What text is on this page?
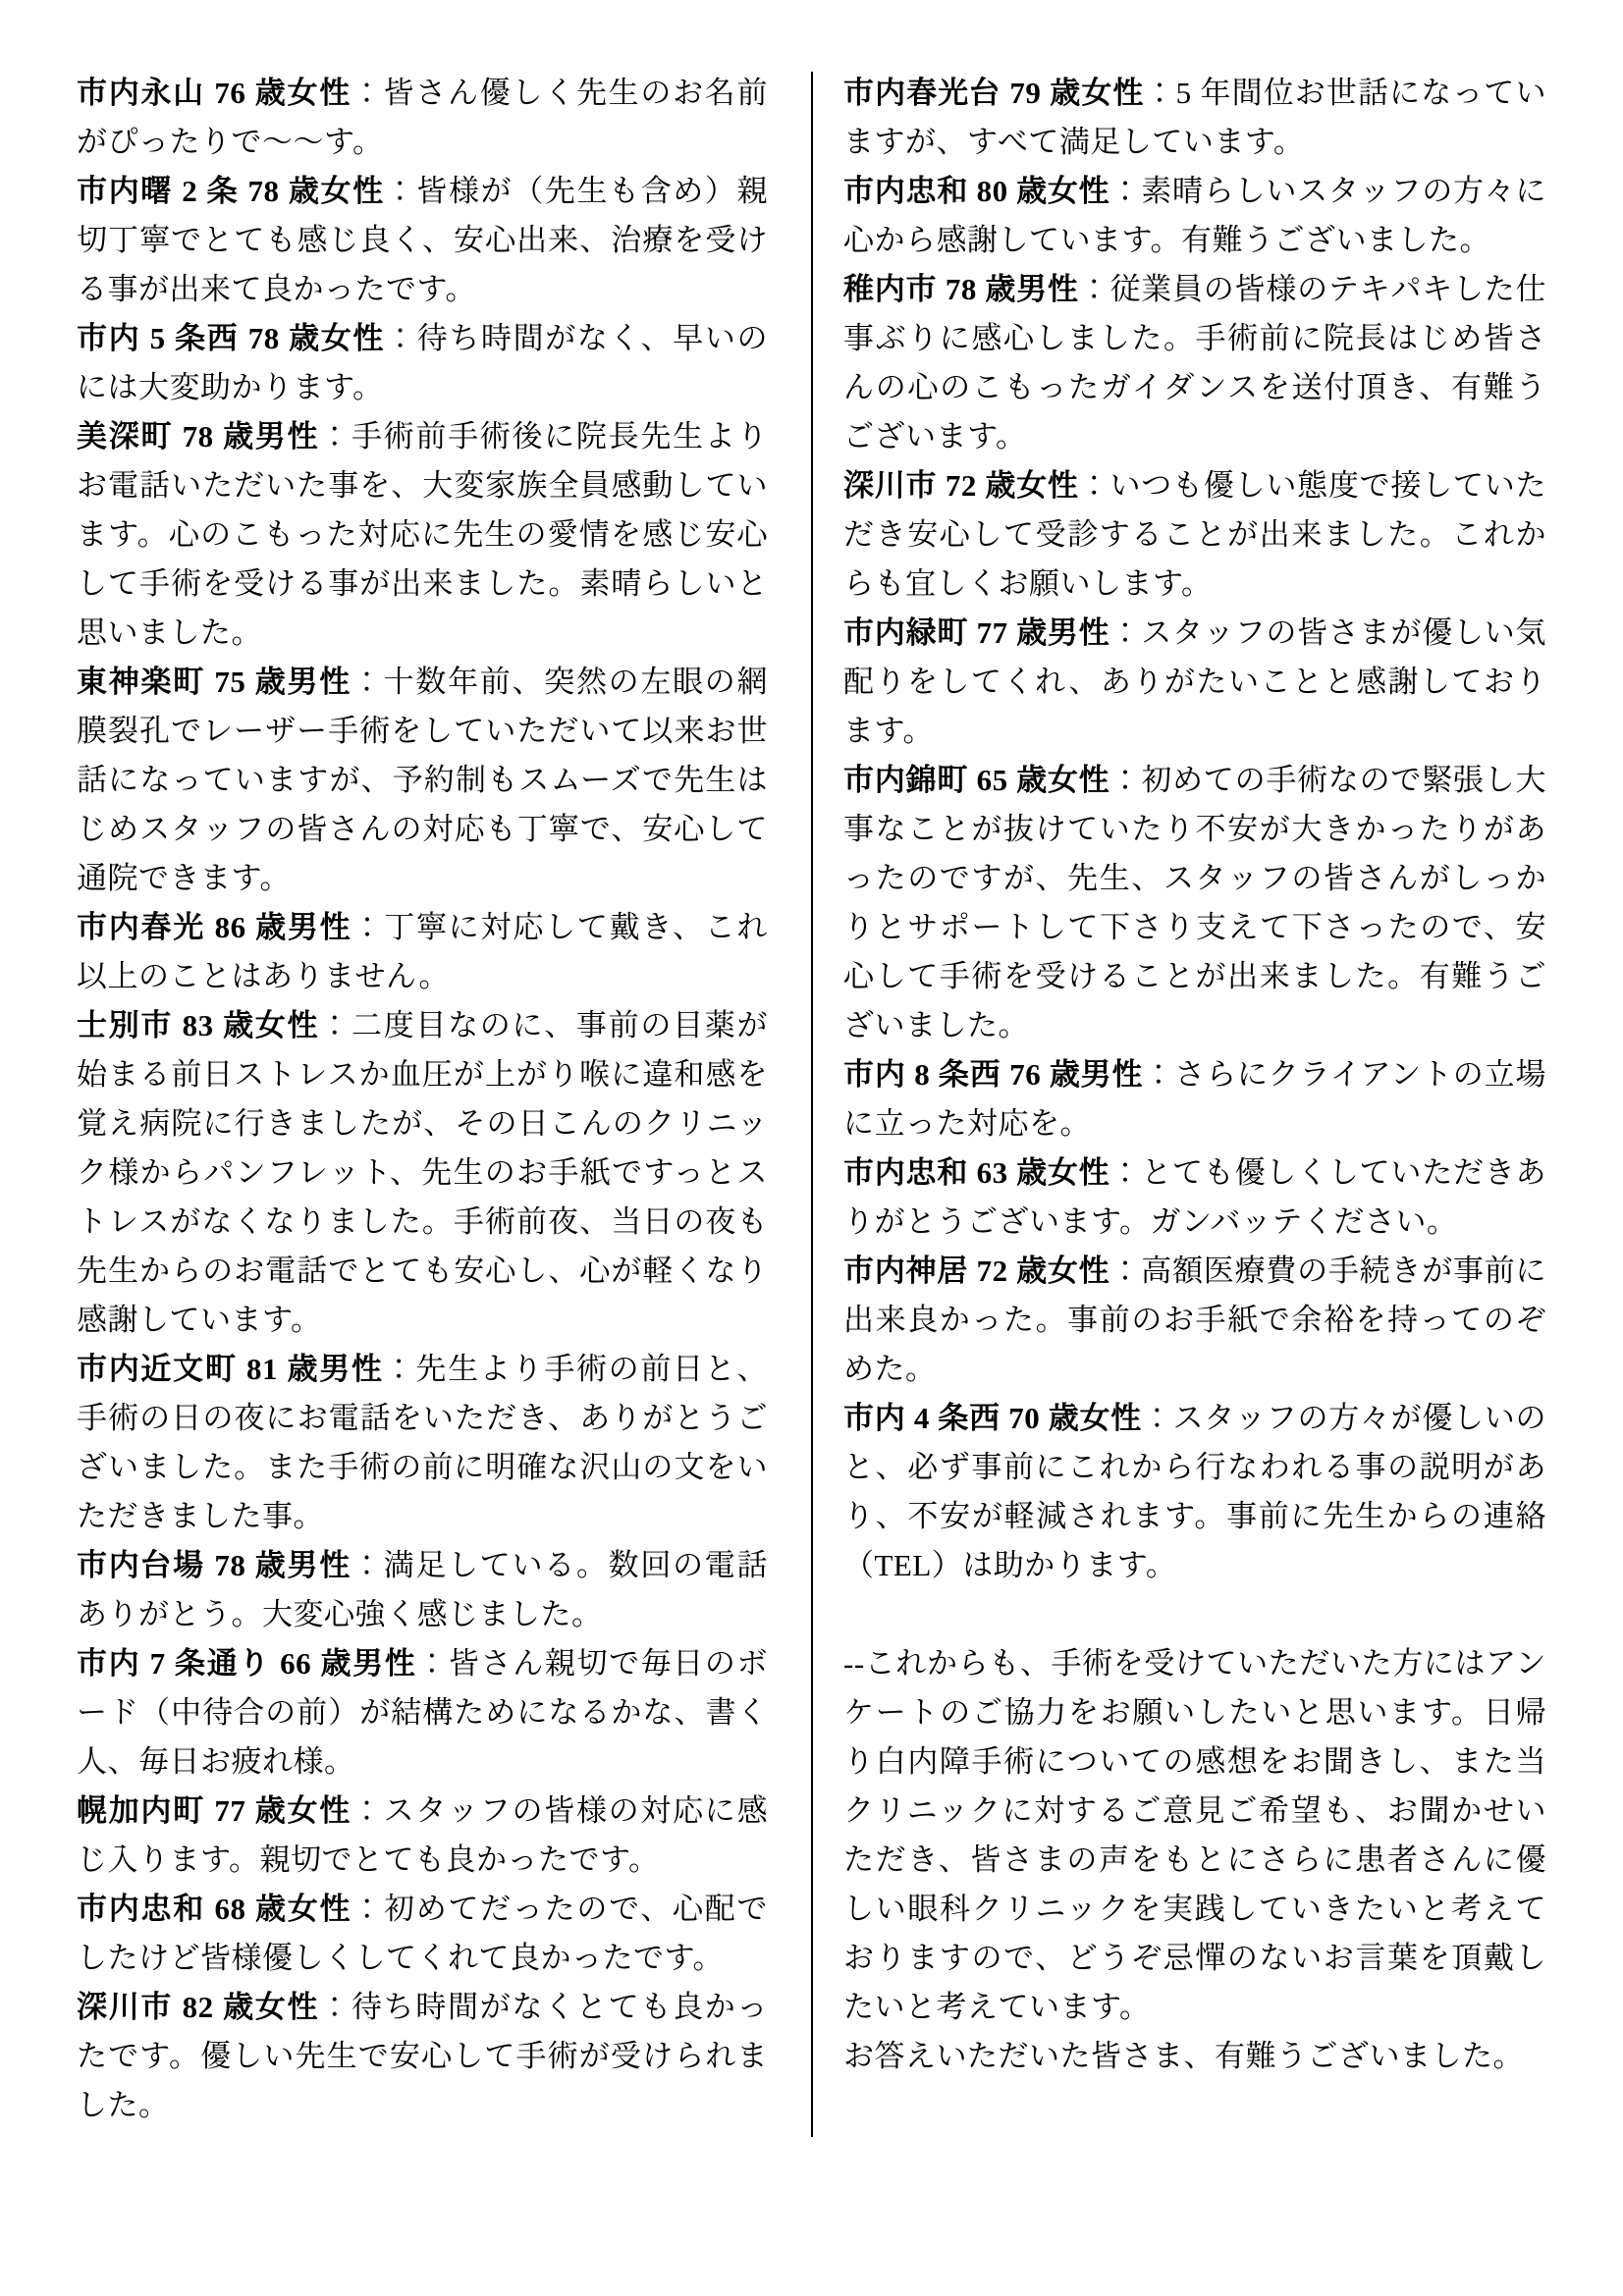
市内永山 76 歳女性：皆さん優しく先生のお名前がぴったりで～～す。

市内曙 2 条 78 歳女性：皆様が（先生も含め）親切丁寧でとても感じ良く、安心出来、治療を受ける事が出来て良かったです。

市内 5 条西 78 歳女性：待ち時間がなく、早いのには大変助かります。

美深町 78 歳男性：手術前手術後に院長先生よりお電話いただいた事を、大変家族全員感動しています。心のこもった対応に先生の愛情を感じ安心して手術を受ける事が出来ました。素晴らしいと思いました。

東神楽町 75 歳男性：十数年前、突然の左眼の網膜裂孔でレーザー手術をしていただいて以来お世話になっていますが、予約制もスムーズで先生はじめスタッフの皆さんの対応も丁寧で、安心して通院できます。

市内春光 86 歳男性：丁寧に対応して戴き、これ以上のことはありません。

士別市 83 歳女性：二度目なのに、事前の目薬が始まる前日ストレスか血圧が上がり喉に違和感を覚え病院に行きましたが、その日こんのクリニック様からパンフレット、先生のお手紙ですっとストレスがなくなりました。手術前夜、当日の夜も先生からのお電話でとても安心し、心が軽くなり感謝しています。

市内近文町 81 歳男性：先生より手術の前日と、手術の日の夜にお電話をいただき、ありがとうございました。また手術の前に明確な沢山の文をいただきました事。

市内台場 78 歳男性：満足している。数回の電話ありがとう。大変心強く感じました。

市内 7 条通り 66 歳男性：皆さん親切で毎日のボード（中待合の前）が結構ためになるかな、書く人、毎日お疲れ様。

幌加内町 77 歳女性：スタッフの皆様の対応に感じ入ります。親切でとても良かったです。

市内忠和 68 歳女性：初めてだったので、心配でしたけど皆様優しくしてくれて良かったです。

深川市 82 歳女性：待ち時間がなくとても良かったです。優しい先生で安心して手術が受けられました。

市内春光台 79 歳女性：5 年間位お世話になっていますが、すべて満足しています。

市内忠和 80 歳女性：素晴らしいスタッフの方々に心から感謝しています。有難うございました。

稚内市 78 歳男性：従業員の皆様のテキパキした仕事ぶりに感心しました。手術前に院長はじめ皆さんの心のこもったガイダンスを送付頂き、有難うございます。

深川市 72 歳女性：いつも優しい態度で接していただき安心して受診することが出来ました。これからも宜しくお願いします。

市内緑町 77 歳男性：スタッフの皆さまが優しい気配りをしてくれ、ありがたいことと感謝しております。

市内錦町 65 歳女性：初めての手術なので緊張し大事なことが抜けていたり不安が大きかったりがあったのですが、先生、スタッフの皆さんがしっかりとサポートして下さり支えて下さったので、安心して手術を受けることが出来ました。有難うございました。

市内 8 条西 76 歳男性：さらにクライアントの立場に立った対応を。

市内忠和 63 歳女性：とても優しくしていただきありがとうございます。ガンバッテください。

市内神居 72 歳女性：高額医療費の手続きが事前に出来良かった。事前のお手紙で余裕を持ってのぞめた。

市内 4 条西 70 歳女性：スタッフの方々が優しいのと、必ず事前にこれから行なわれる事の説明があり、不安が軽減されます。事前に先生からの連絡（TEL）は助かります。

--これからも、手術を受けていただいた方にはアンケートのご協力をお願いしたいと思います。日帰り白内障手術についての感想をお聞きし、また当クリニックに対するご意見ご希望も、お聞かせいただき、皆さまの声をもとにさらに患者さんに優しい眼科クリニックを実践していきたいと考えておりますので、どうぞ忌憚のないお言葉を頂戴したいと考えています。

お答えいただいた皆さま、有難うございました。
